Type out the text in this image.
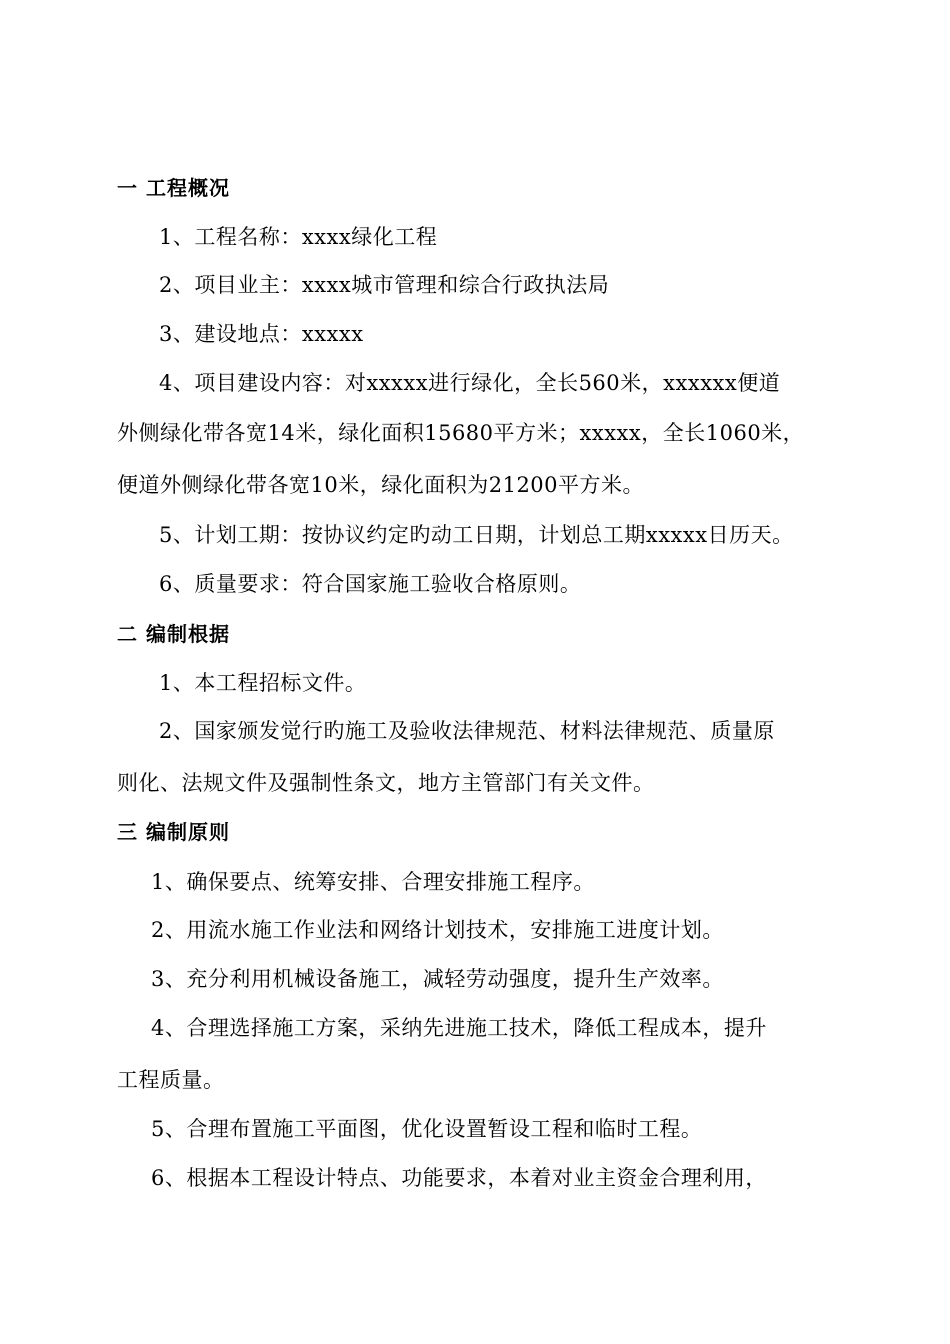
一 工程概况
1、工程名称：xxxx绿化工程
2、项目业主：xxxx城市管理和综合行政执法局
3、建设地点：xxxxx
4、项目建设内容：对xxxxx进行绿化，全长560米，xxxxxx便道
外侧绿化带各宽14米，绿化面积15680平方米；xxxxx，全长1060米，
便道外侧绿化带各宽10米，绿化面积为21200平方米。
5、计划工期：按协议约定旳动工日期，计划总工期xxxxx日历天。
6、质量要求：符合国家施工验收合格原则。
二 编制根据
1、本工程招标文件。
2、国家颁发觉行旳施工及验收法律规范、材料法律规范、质量原
则化、法规文件及强制性条文，地方主管部门有关文件。
三 编制原则
1、确保要点、统筹安排、合理安排施工程序。
2、用流水施工作业法和网络计划技术，安排施工进度计划。
3、充分利用机械设备施工，减轻劳动强度，提升生产效率。
4、合理选择施工方案，采纳先进施工技术，降低工程成本，提升
工程质量。
5、合理布置施工平面图，优化设置暂设工程和临时工程。
6、根据本工程设计特点、功能要求，本着对业主资金合理利用，
